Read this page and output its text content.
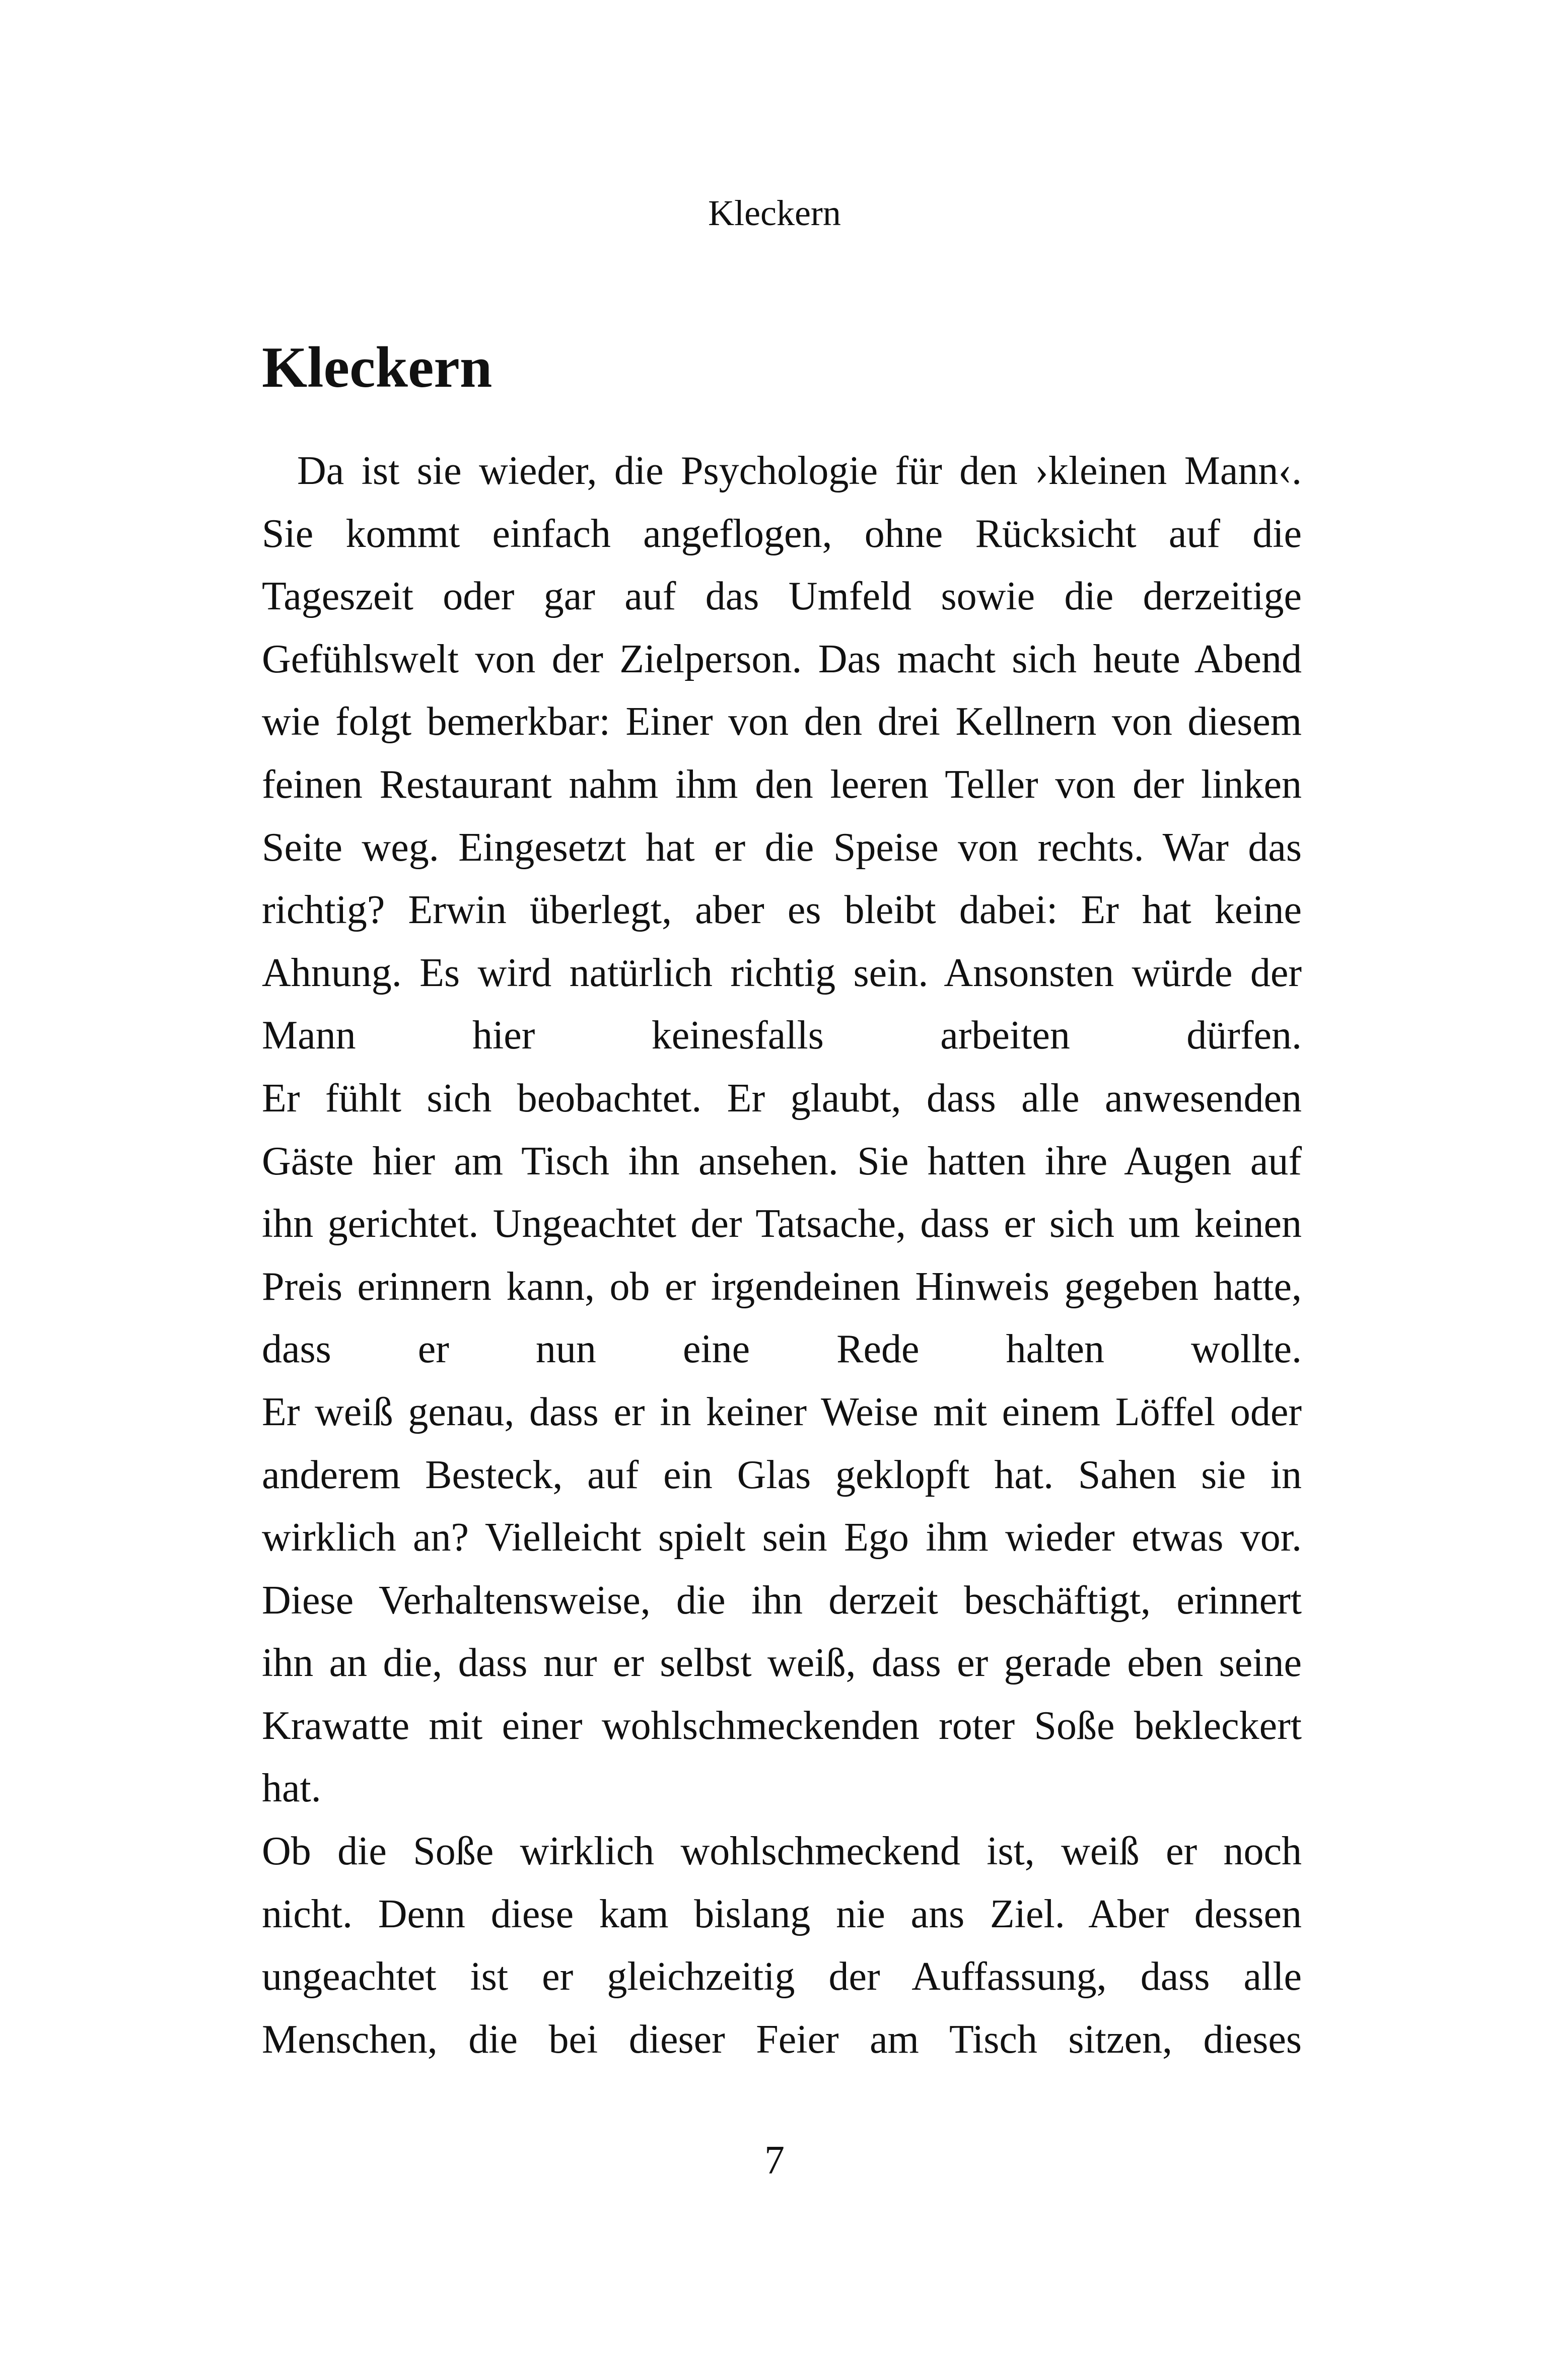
Kleckern
Kleckern
Da ist sie wieder, die Psychologie für den ›kleinen Mann‹.
Sie kommt einfach angeflogen, ohne Rücksicht auf die
Tageszeit oder gar auf das Umfeld sowie die derzeitige
Gefühlswelt von der Zielperson. Das macht sich heute Abend
wie folgt bemerkbar: Einer von den drei Kellnern von diesem
feinen Restaurant nahm ihm den leeren Teller von der linken
Seite weg. Eingesetzt hat er die Speise von rechts. War das
richtig? Erwin überlegt, aber es bleibt dabei: Er hat keine
Ahnung. Es wird natürlich richtig sein. Ansonsten würde der
Mann hier keinesfalls arbeiten dürfen.
Er fühlt sich beobachtet. Er glaubt, dass alle anwesenden
Gäste hier am Tisch ihn ansehen. Sie hatten ihre Augen auf
ihn gerichtet. Ungeachtet der Tatsache, dass er sich um keinen
Preis erinnern kann, ob er irgendeinen Hinweis gegeben hatte,
dass er nun eine Rede halten wollte.
Er weiß genau, dass er in keiner Weise mit einem Löffel oder
anderem Besteck, auf ein Glas geklopft hat. Sahen sie in
wirklich an? Vielleicht spielt sein Ego ihm wieder etwas vor.
Diese Verhaltensweise, die ihn derzeit beschäftigt, erinnert
ihn an die, dass nur er selbst weiß, dass er gerade eben seine
Krawatte mit einer wohlschmeckenden roter Soße bekleckert
hat.
Ob die Soße wirklich wohlschmeckend ist, weiß er noch
nicht. Denn diese kam bislang nie ans Ziel. Aber dessen
ungeachtet ist er gleichzeitig der Auffassung, dass alle
Menschen, die bei dieser Feier am Tisch sitzen, dieses
7
